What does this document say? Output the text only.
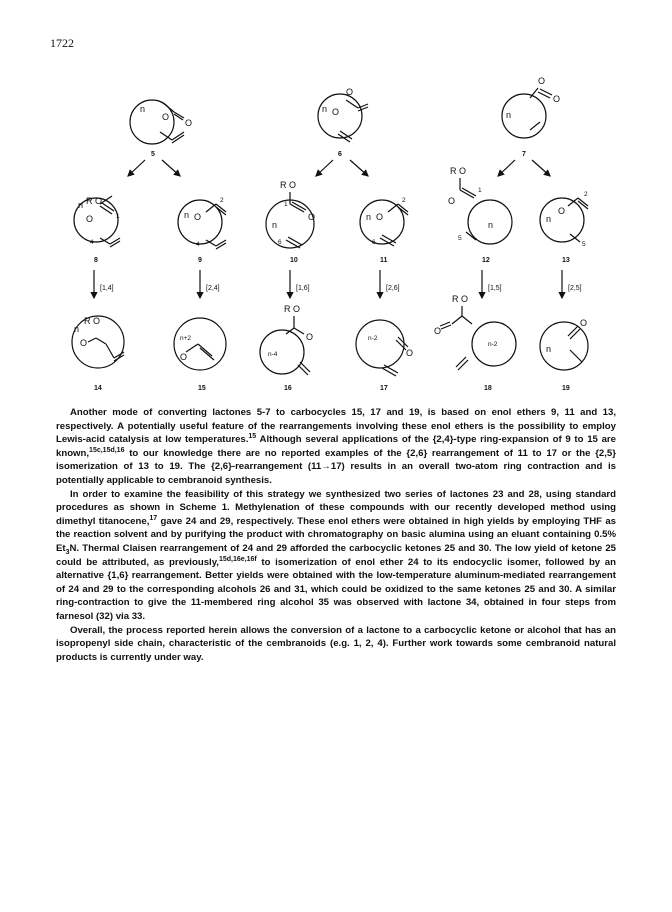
1722
n
O
O
5
n O
O
6
n
O
O
7
n R O
O	1
4
8
n O
2
4
9
R O
1
O
n
6
10
n O
2
6
11
R O
1
O
n
5
12
n
O
2
5
13
[1,4]	[2,4]	[1,6]	[2,6]	[1,5]	[2,5]
n
R O
O
14
n+2
O
15
n-4
R O
O
16
n-2
O
17
n-2
R O
O
18
n
O
19

Another mode of converting lactones 5-7 to carbocycles 15, 17 and 19, is based on enol ethers 9, 11 and 13, respectively. A potentially useful feature of the rearrangements involving these enol ethers is the possibility to employ Lewis-acid catalysis at low temperatures.$^{15}$ Although several applications of the {2,4}-type ring-expansion of 9 to 15 are known,$^{15c,15d,16}$ to our knowledge there are no reported examples of the {2,6} rearrangement of 11 to 17 or the {2,5} isomerization of 13 to 19. The {2,6}-rearrangement (11→17) results in an overall two-atom ring contraction and is potentially applicable to cembranoid synthesis.

In order to examine the feasibility of this strategy we synthesized two series of lactones 23 and 28, using standard procedures as shown in Scheme 1. Methylenation of these compounds with our recently developed method using dimethyl titanocene,$^{17}$ gave 24 and 29, respectively. These enol ethers were obtained in high yields by employing THF as the reaction solvent and by purifying the product with chromatography on basic alumina using an eluant containing 0.5% $Et_3N$. Thermal Claisen rearrangement of 24 and 29 afforded the carbocyclic ketones 25 and 30. The low yield of ketone 25 could be attributed, as previously,$^{15d,16e,16f}$ to isomerization of enol ether 24 to its endocyclic isomer, followed by an alternative {1,6} rearrangement. Better yields were obtained with the low-temperature aluminum-mediated rearrangement of 24 and 29 to the corresponding alcohols 26 and 31, which could be oxidized to the same ketones 25 and 30. A similar ring-contraction to give the 11-membered ring alcohol 35 was observed with lactone 34, obtained in four steps from farnesol (32) via 33.

Overall, the process reported herein allows the conversion of a lactone to a carbocyclic ketone or alcohol that has an isopropenyl side chain, characteristic of the cembranoids (e.g. 1, 2, 4). Further work towards some cembranoid natural products is currently under way.
